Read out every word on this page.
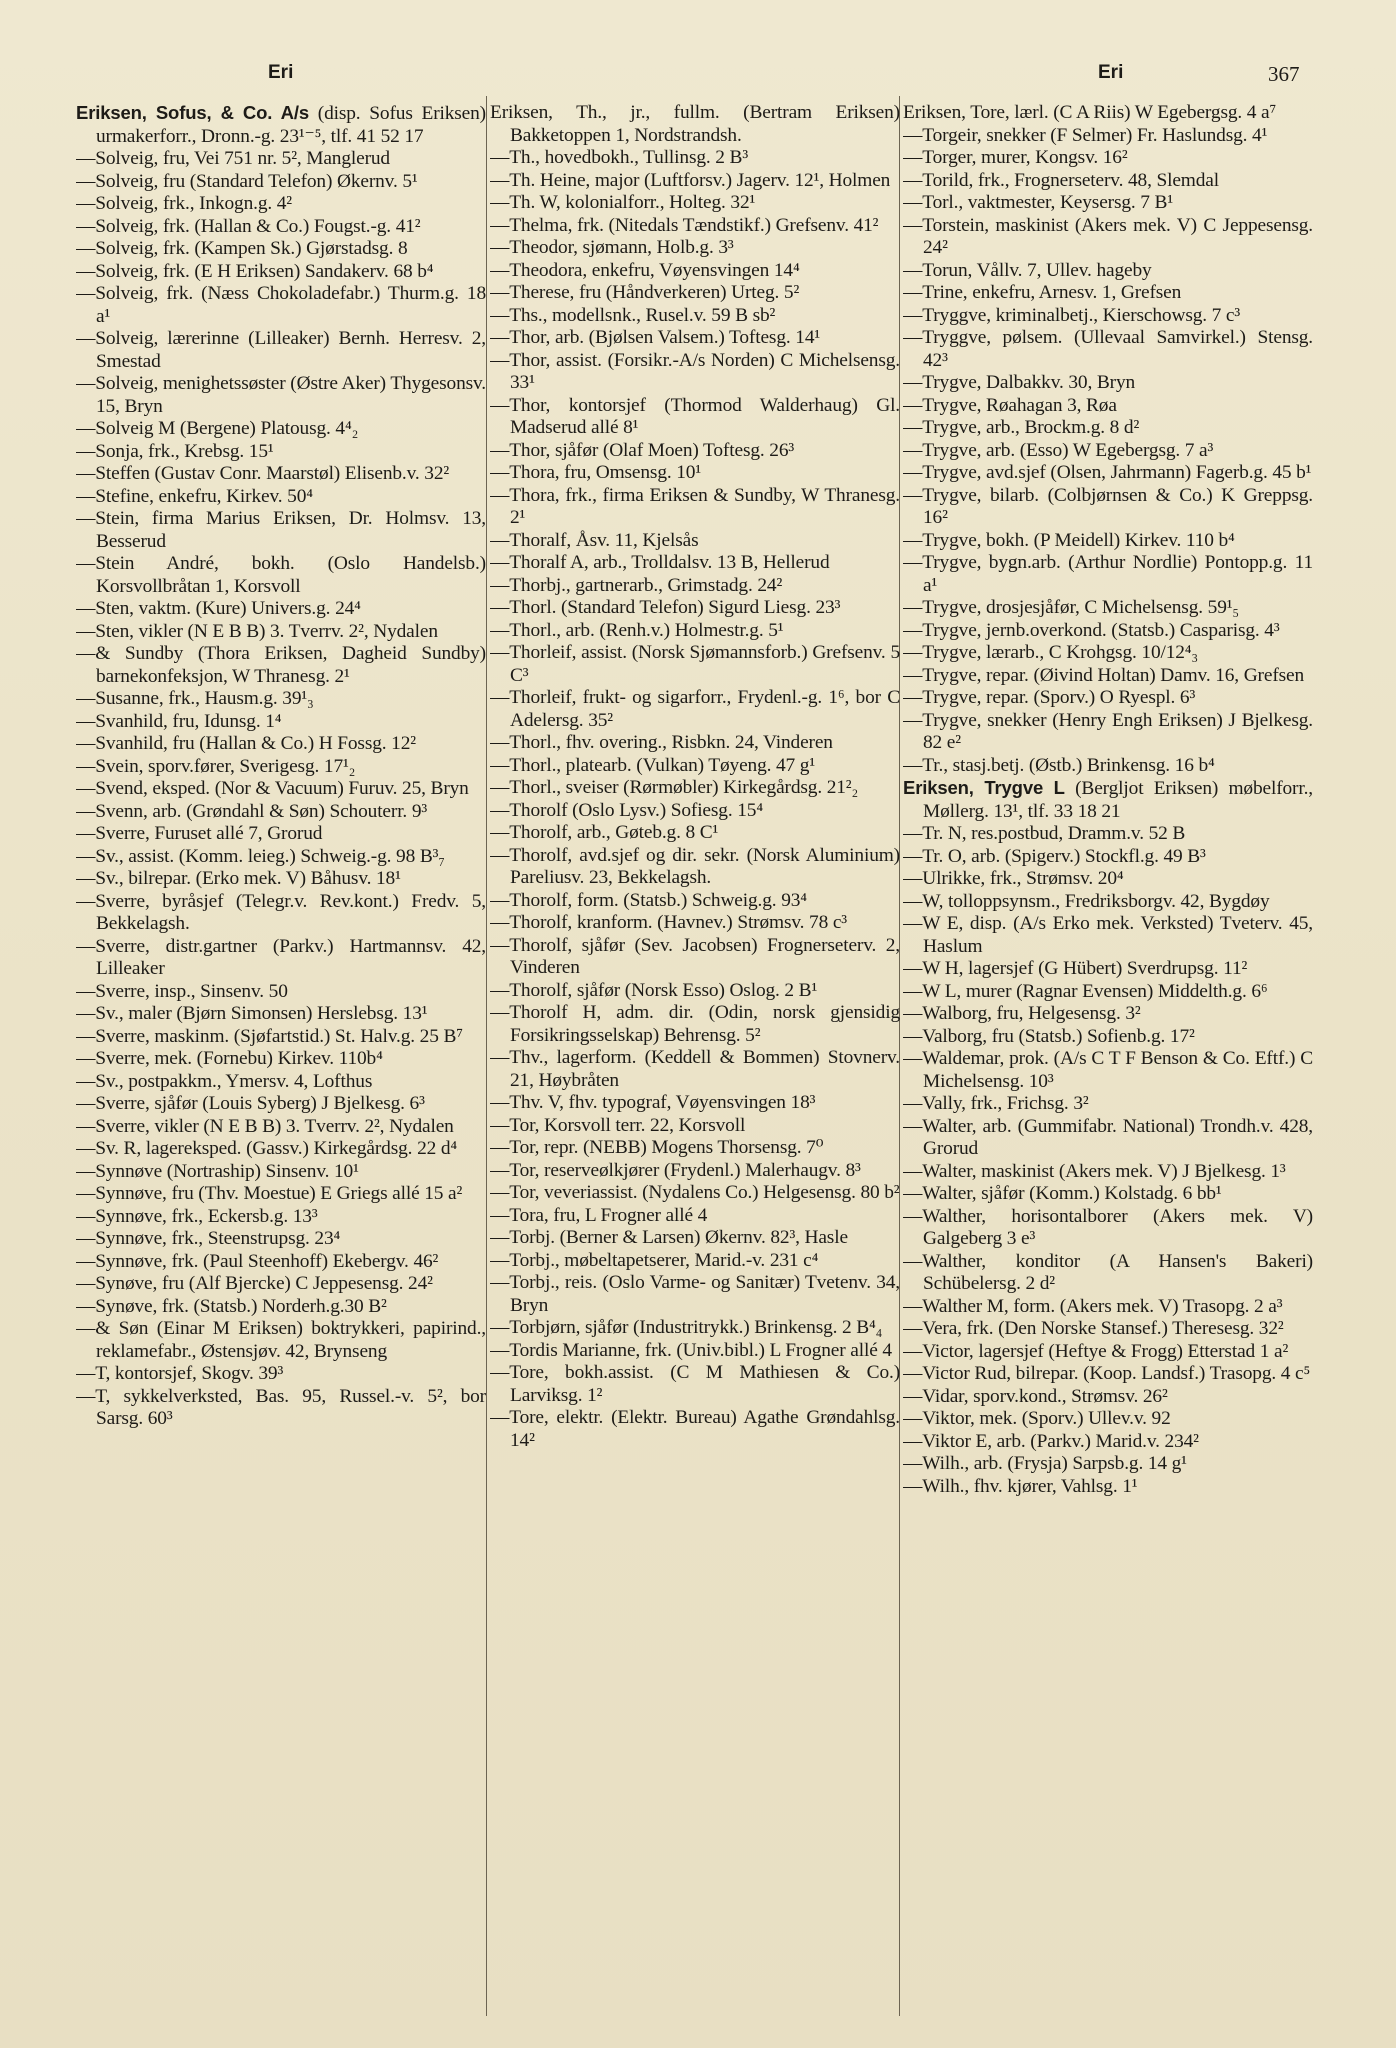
Eri	Eri	367

Eriksen, Sofus, & Co. A/s (disp. Sofus Eriksen) urmakerforr., Dronn.-g. 23¹⁻⁵, tlf. 41 52 17

—Solveig, fru, Vei 751 nr. 5², Manglerud

—Solveig, fru (Standard Telefon) Økernv. 5¹

—Solveig, frk., Inkogn.g. 4²

—Solveig, frk. (Hallan & Co.) Fougst.-g. 41²

—Solveig, frk. (Kampen Sk.) Gjørstadsg. 8

—Solveig, frk. (E H Eriksen) Sandakerv. 68 b⁴

—Solveig, frk. (Næss Chokoladefabr.) Thurm.g. 18 a¹

—Solveig, lærerinne (Lilleaker) Bernh. Herresv. 2, Smestad

—Solveig, menighetssøster (Østre Aker) Thygesonsv. 15, Bryn

—Solveig M (Bergene) Platousg. 4⁴₂

—Sonja, frk., Krebsg. 15¹

—Steffen (Gustav Conr. Maarstøl) Elisenb.v. 32²

—Stefine, enkefru, Kirkev. 50⁴

—Stein, firma Marius Eriksen, Dr. Holmsv. 13, Besserud

—Stein André, bokh. (Oslo Handelsb.) Korsvollbråtan 1, Korsvoll

—Sten, vaktm. (Kure) Univers.g. 24⁴

—Sten, vikler (N E B B) 3. Tverrv. 2², Nydalen

—& Sundby (Thora Eriksen, Dagheid Sundby) barnekonfeksjon, W Thranesg. 2¹

—Susanne, frk., Hausm.g. 39¹₃

—Svanhild, fru, Idunsg. 1⁴

—Svanhild, fru (Hallan & Co.) H Fossg. 12²

—Svein, sporv.fører, Sverigesg. 17¹₂

—Svend, eksped. (Nor & Vacuum) Furuv. 25, Bryn

—Svenn, arb. (Grøndahl & Søn) Schouterr. 9³

—Sverre, Furuset allé 7, Grorud

—Sv., assist. (Komm. leieg.) Schweig.-g. 98 B³₇

—Sv., bilrepar. (Erko mek. V) Båhusv. 18¹

—Sverre, byråsjef (Telegr.v. Rev.kont.) Fredv. 5, Bekkelagsh.

—Sverre, distr.gartner (Parkv.) Hartmannsv. 42, Lilleaker

—Sverre, insp., Sinsenv. 50

—Sv., maler (Bjørn Simonsen) Herslebsg. 13¹

—Sverre, maskinm. (Sjøfartstid.) St. Halv.g. 25 B⁷

—Sverre, mek. (Fornebu) Kirkev. 110b⁴

—Sv., postpakkm., Ymersv. 4, Lofthus

—Sverre, sjåfør (Louis Syberg) J Bjelkesg. 6³

—Sverre, vikler (N E B B) 3. Tverrv. 2², Nydalen

—Sv. R, lagereksped. (Gassv.) Kirkegårdsg. 22 d⁴

—Synnøve (Nortraship) Sinsenv. 10¹

—Synnøve, fru (Thv. Moestue) E Griegs allé 15 a²

—Synnøve, frk., Eckersb.g. 13³

—Synnøve, frk., Steenstrupsg. 23⁴

—Synnøve, frk. (Paul Steenhoff) Ekebergv. 46²

—Synøve, fru (Alf Bjercke) C Jeppesensg. 24²

—Synøve, frk. (Statsb.) Norderh.g.30 B²

—& Søn (Einar M Eriksen) boktrykkeri, papirind., reklamefabr., Østensjøv. 42, Brynseng

—T, kontorsjef, Skogv. 39³

—T, sykkelverksted, Bas. 95, Russel.-v. 5², bor Sarsg. 60³

Eriksen, Th., jr., fullm. (Bertram Eriksen) Bakketoppen 1, Nordstrandsh.

—Th., hovedbokh., Tullinsg. 2 B³

—Th. Heine, major (Luftforsv.) Jagerv. 12¹, Holmen

—Th. W, kolonialforr., Holteg. 32¹

—Thelma, frk. (Nitedals Tændstikf.) Grefsenv. 41²

—Theodor, sjømann, Holb.g. 3³

—Theodora, enkefru, Vøyensvingen 14⁴

—Therese, fru (Håndverkeren) Urteg. 5²

—Ths., modellsnk., Rusel.v. 59 B sb²

—Thor, arb. (Bjølsen Valsem.) Toftesg. 14¹

—Thor, assist. (Forsikr.-A/s Norden) C Michelsensg. 33¹

—Thor, kontorsjef (Thormod Walderhaug) Gl. Madserud allé 8¹

—Thor, sjåfør (Olaf Moen) Toftesg. 26³

—Thora, fru, Omsensg. 10¹

—Thora, frk., firma Eriksen & Sundby, W Thranesg. 2¹

—Thoralf, Åsv. 11, Kjelsås

—Thoralf A, arb., Trolldalsv. 13 B, Hellerud

—Thorbj., gartnerarb., Grimstadg. 24²

—Thorl. (Standard Telefon) Sigurd Liesg. 23³

—Thorl., arb. (Renh.v.) Holmestr.g. 5¹

—Thorleif, assist. (Norsk Sjømannsforb.) Grefsenv. 5 C³

—Thorleif, frukt- og sigarforr., Frydenl.-g. 1⁶, bor C Adelersg. 35²

—Thorl., fhv. overing., Risbkn. 24, Vinderen

—Thorl., platearb. (Vulkan) Tøyeng. 47 g¹

—Thorl., sveiser (Rørmøbler) Kirkegårdsg. 21²₂

—Thorolf (Oslo Lysv.) Sofiesg. 15⁴

—Thorolf, arb., Gøteb.g. 8 C¹

—Thorolf, avd.sjef og dir. sekr. (Norsk Aluminium) Pareliusv. 23, Bekkelagsh.

—Thorolf, form. (Statsb.) Schweig.g. 93⁴

—Thorolf, kranform. (Havnev.) Strømsv. 78 c³

—Thorolf, sjåfør (Sev. Jacobsen) Frognerseterv. 2, Vinderen

—Thorolf, sjåfør (Norsk Esso) Oslog. 2 B¹

—Thorolf H, adm. dir. (Odin, norsk gjensidig Forsikringsselskap) Behrensg. 5²

—Thv., lagerform. (Keddell & Bommen) Stovnerv. 21, Høybråten

—Thv. V, fhv. typograf, Vøyensvingen 18³

—Tor, Korsvoll terr. 22, Korsvoll

—Tor, repr. (NEBB) Mogens Thorsensg. 7⁰

—Tor, reserveølkjører (Frydenl.) Malerhaugv. 8³

—Tor, veveriassist. (Nydalens Co.) Helgesensg. 80 b²

—Tora, fru, L Frogner allé 4

—Torbj. (Berner & Larsen) Økernv. 82³, Hasle

—Torbj., møbeltapetserer, Marid.-v. 231 c⁴

—Torbj., reis. (Oslo Varme- og Sanitær) Tvetenv. 34, Bryn

—Torbjørn, sjåfør (Industritrykk.) Brinkensg. 2 B⁴₄

—Tordis Marianne, frk. (Univ.bibl.) L Frogner allé 4

—Tore, bokh.assist. (C M Mathiesen & Co.) Larviksg. 1²

—Tore, elektr. (Elektr. Bureau) Agathe Grøndahlsg. 14²

Eriksen, Tore, lærl. (C A Riis) W Egebergsg. 4 a⁷

—Torgeir, snekker (F Selmer) Fr. Haslundsg. 4¹

—Torger, murer, Kongsv. 16²

—Torild, frk., Frognerseterv. 48, Slemdal

—Torl., vaktmester, Keysersg. 7 B¹

—Torstein, maskinist (Akers mek. V) C Jeppesensg. 24²

—Torun, Vållv. 7, Ullev. hageby

—Trine, enkefru, Arnesv. 1, Grefsen

—Tryggve, kriminalbetj., Kierschowsg. 7 c³

—Tryggve, pølsem. (Ullevaal Samvirkel.) Stensg. 42³

—Trygve, Dalbakkv. 30, Bryn

—Trygve, Røahagan 3, Røa

—Trygve, arb., Brockm.g. 8 d²

—Trygve, arb. (Esso) W Egebergsg. 7 a³

—Trygve, avd.sjef (Olsen, Jahrmann) Fagerb.g. 45 b¹

—Trygve, bilarb. (Colbjørnsen & Co.) K Greppsg. 16²

—Trygve, bokh. (P Meidell) Kirkev. 110 b⁴

—Trygve, bygn.arb. (Arthur Nordlie) Pontopp.g. 11 a¹

—Trygve, drosjesjåfør, C Michelsensg. 59¹₅

—Trygve, jernb.overkond. (Statsb.) Casparisg. 4³

—Trygve, lærarb., C Krohgsg. 10/12⁴₃

—Trygve, repar. (Øivind Holtan) Damv. 16, Grefsen

—Trygve, repar. (Sporv.) O Ryespl. 6³

—Trygve, snekker (Henry Engh Eriksen) J Bjelkesg. 82 e²

—Tr., stasj.betj. (Østb.) Brinkensg. 16 b⁴

Eriksen, Trygve L (Bergljot Eriksen) møbelforr., Møllerg. 13¹, tlf. 33 18 21

—Tr. N, res.postbud, Dramm.v. 52 B

—Tr. O, arb. (Spigerv.) Stockfl.g. 49 B³

—Ulrikke, frk., Strømsv. 20⁴

—W, tolloppsynsm., Fredriksborgv. 42, Bygdøy

—W E, disp. (A/s Erko mek. Verksted) Tveterv. 45, Haslum

—W H, lagersjef (G Hübert) Sverdrupsg. 11²

—W L, murer (Ragnar Evensen) Middelth.g. 6⁶

—Walborg, fru, Helgesensg. 3²

—Valborg, fru (Statsb.) Sofienb.g. 17²

—Waldemar, prok. (A/s C T F Benson & Co. Eftf.) C Michelsensg. 10³

—Vally, frk., Frichsg. 3²

—Walter, arb. (Gummifabr. National) Trondh.v. 428, Grorud

—Walter, maskinist (Akers mek. V) J Bjelkesg. 1³

—Walter, sjåfør (Komm.) Kolstadg. 6 bb¹

—Walther, horisontalborer (Akers mek. V) Galgeberg 3 e³

—Walther, konditor (A Hansen's Bakeri) Schübelersg. 2 d²

—Walther M, form. (Akers mek. V) Trasopg. 2 a³

—Vera, frk. (Den Norske Stansef.) Theresesg. 32²

—Victor, lagersjef (Heftye & Frogg) Etterstad 1 a²

—Victor Rud, bilrepar. (Koop. Landsf.) Trasopg. 4 c⁵

—Vidar, sporv.kond., Strømsv. 26²

—Viktor, mek. (Sporv.) Ullev.v. 92

—Viktor E, arb. (Parkv.) Marid.v. 234²

—Wilh., arb. (Frysja) Sarpsb.g. 14 g¹

—Wilh., fhv. kjører, Vahlsg. 1¹
